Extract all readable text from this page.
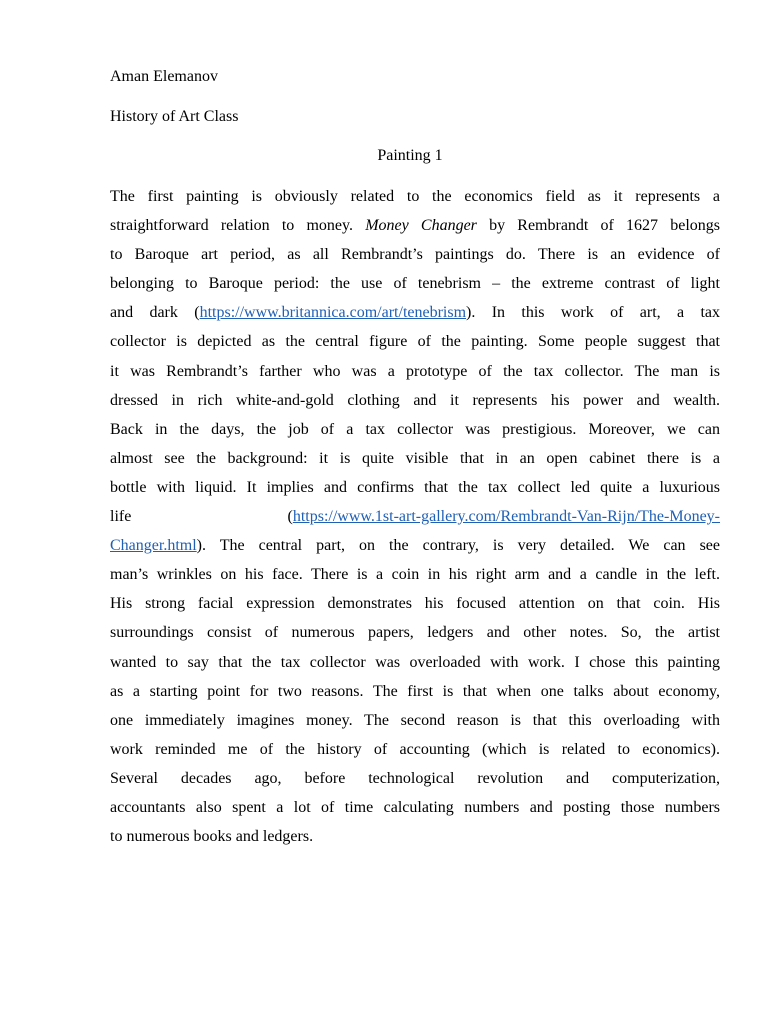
Aman Elemanov
History of Art Class
Painting 1
The first painting is obviously related to the economics field as it represents a
straightforward relation to money. Money Changer by Rembrandt of 1627 belongs
to Baroque art period, as all Rembrandt’s paintings do. There is an evidence of
belonging to Baroque period: the use of tenebrism – the extreme contrast of light
and dark (https://www.britannica.com/art/tenebrism). In this work of art, a tax
collector is depicted as the central figure of the painting. Some people suggest that
it was Rembrandt’s farther who was a prototype of the tax collector. The man is
dressed in rich white-and-gold clothing and it represents his power and wealth.
Back in the days, the job of a tax collector was prestigious. Moreover, we can
almost see the background: it is quite visible that in an open cabinet there is a
bottle with liquid. It implies and confirms that the tax collect led quite a luxurious
life (https://www.1st-art-gallery.com/Rembrandt-Van-Rijn/The-Money-
Changer.html). The central part, on the contrary, is very detailed. We can see
man’s wrinkles on his face. There is a coin in his right arm and a candle in the left.
His strong facial expression demonstrates his focused attention on that coin. His
surroundings consist of numerous papers, ledgers and other notes. So, the artist
wanted to say that the tax collector was overloaded with work. I chose this painting
as a starting point for two reasons. The first is that when one talks about economy,
one immediately imagines money. The second reason is that this overloading with
work reminded me of the history of accounting (which is related to economics).
Several decades ago, before technological revolution and computerization,
accountants also spent a lot of time calculating numbers and posting those numbers
to numerous books and ledgers.
